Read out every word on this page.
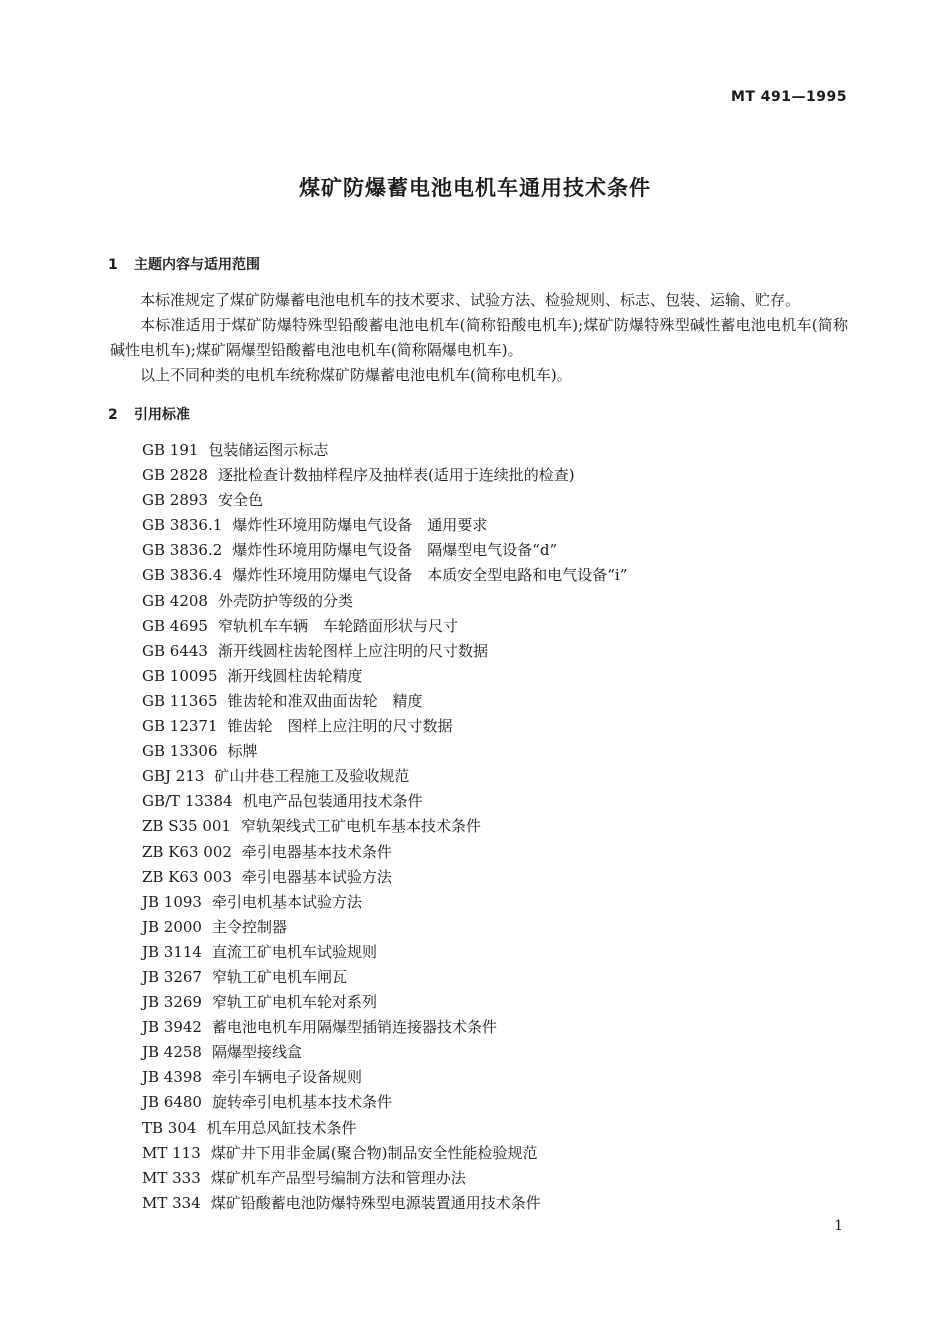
MT 491—1995
煤矿防爆蓄电池电机车通用技术条件
1 主题内容与适用范围

本标准规定了煤矿防爆蓄电池电机车的技术要求、试验方法、检验规则、标志、包装、运输、贮存。

本标准适用于煤矿防爆特殊型铅酸蓄电池电机车(简称铅酸电机车);煤矿防爆特殊型碱性蓄电池电机车(简称碱性电机车);煤矿隔爆型铅酸蓄电池电机车(简称隔爆电机车)。

以上不同种类的电机车统称煤矿防爆蓄电池电机车(简称电机车)。

2 引用标准
GB 191 包装储运图示标志
GB 2828 逐批检查计数抽样程序及抽样表(适用于连续批的检查)
GB 2893 安全色
GB 3836.1 爆炸性环境用防爆电气设备　通用要求
GB 3836.2 爆炸性环境用防爆电气设备　隔爆型电气设备“d”
GB 3836.4 爆炸性环境用防爆电气设备　本质安全型电路和电气设备“i”
GB 4208 外壳防护等级的分类
GB 4695 窄轨机车车辆　车轮踏面形状与尺寸
GB 6443 渐开线圆柱齿轮图样上应注明的尺寸数据
GB 10095 渐开线圆柱齿轮精度
GB 11365 锥齿轮和准双曲面齿轮　精度
GB 12371 锥齿轮　图样上应注明的尺寸数据
GB 13306 标牌
GBJ 213 矿山井巷工程施工及验收规范
GB/T 13384 机电产品包装通用技术条件
ZB S35 001 窄轨架线式工矿电机车基本技术条件
ZB K63 002 牵引电器基本技术条件
ZB K63 003 牵引电器基本试验方法
JB 1093 牵引电机基本试验方法
JB 2000 主令控制器
JB 3114 直流工矿电机车试验规则
JB 3267 窄轨工矿电机车闸瓦
JB 3269 窄轨工矿电机车轮对系列
JB 3942 蓄电池电机车用隔爆型插销连接器技术条件
JB 4258 隔爆型接线盒
JB 4398 牵引车辆电子设备规则
JB 6480 旋转牵引电机基本技术条件
TB 304 机车用总风缸技术条件
MT 113 煤矿井下用非金属(聚合物)制品安全性能检验规范
MT 333 煤矿机车产品型号编制方法和管理办法
MT 334 煤矿铅酸蓄电池防爆特殊型电源装置通用技术条件
1
